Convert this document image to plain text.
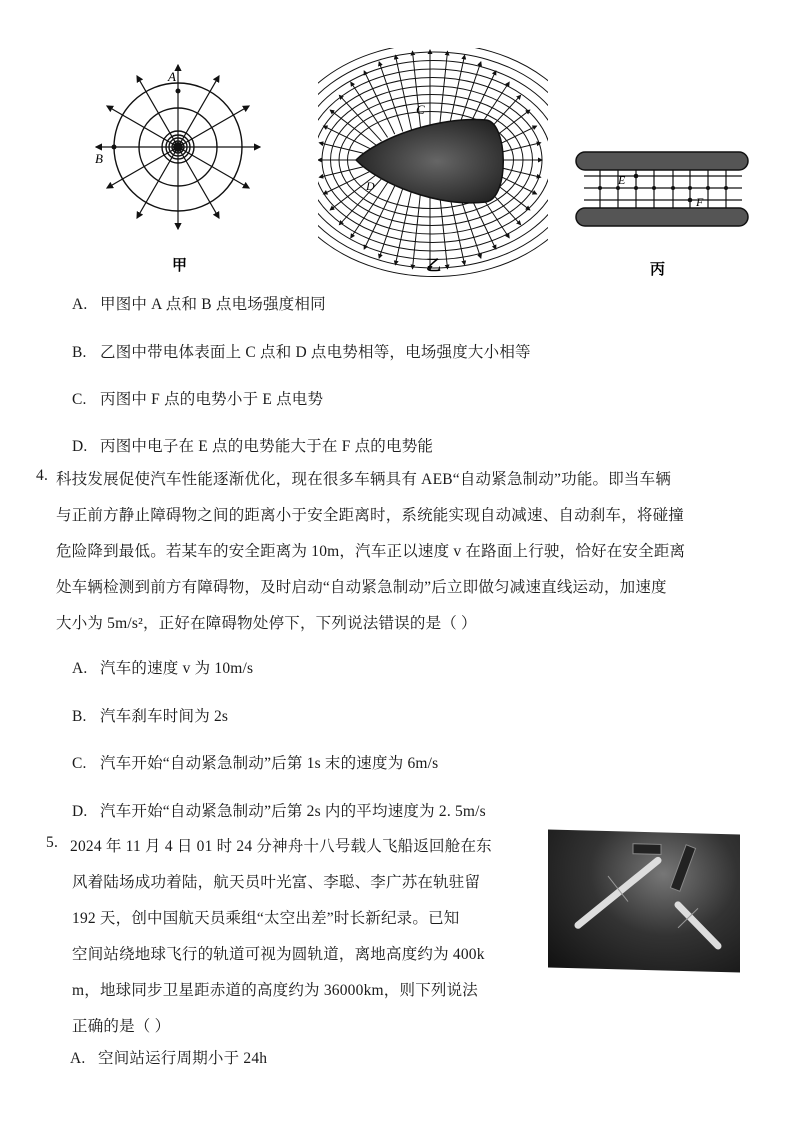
A
B
甲
C
D
乙
E
F
丙
A. 甲图中 A 点和 B 点电场强度相同
B. 乙图中带电体表面上 C 点和 D 点电势相等，电场强度大小相等
C. 丙图中 F 点的电势小于 E 点电势
D. 丙图中电子在 E 点的电势能大于在 F 点的电势能
4. 科技发展促使汽车性能逐渐优化，现在很多车辆具有 AEB“自动紧急制动”功能。即当车辆
与正前方静止障碍物之间的距离小于安全距离时，系统能实现自动减速、自动刹车，将碰撞
危险降到最低。若某车的安全距离为 10m，汽车正以速度 v 在路面上行驶，恰好在安全距离
处车辆检测到前方有障碍物，及时启动“自动紧急制动”后立即做匀减速直线运动，加速度
大小为 5m/s²，正好在障碍物处停下，下列说法错误的是（ ）
A. 汽车的速度 v 为 10m/s
B. 汽车刹车时间为 2s
C. 汽车开始“自动紧急制动”后第 1s 末的速度为 6m/s
D. 汽车开始“自动紧急制动”后第 2s 内的平均速度为 2. 5m/s
5. 2024 年 11 月 4 日 01 时 24 分神舟十八号载人飞船返回舱在东
风着陆场成功着陆，航天员叶光富、李聪、李广苏在轨驻留
192 天，创中国航天员乘组“太空出差”时长新纪录。已知
空间站绕地球飞行的轨道可视为圆轨道，离地高度约为 400k
m，地球同步卫星距赤道的高度约为 36000km，则下列说法
正确的是（ ）
A. 空间站运行周期小于 24h
